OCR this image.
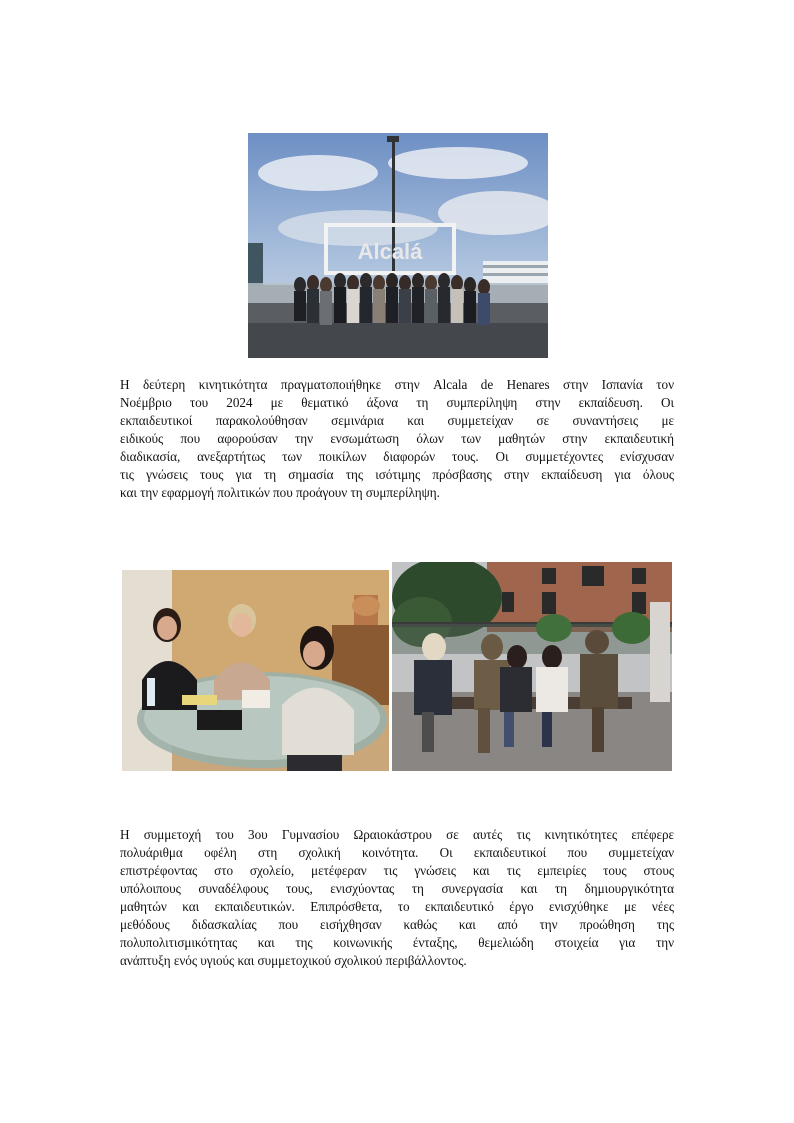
Alcalá
Η δεύτερη κινητικότητα πραγματοποιήθηκε στην Alcala de Henares στην Ισπανία τον
Νοέμβριο του 2024 με θεματικό άξονα τη συμπερίληψη στην εκπαίδευση. Οι
εκπαιδευτικοί παρακολούθησαν σεμινάρια και συμμετείχαν σε συναντήσεις με
ειδικούς που αφορούσαν την ενσωμάτωση όλων των μαθητών στην εκπαιδευτική
διαδικασία, ανεξαρτήτως των ποικίλων διαφορών τους. Οι συμμετέχοντες ενίσχυσαν
τις γνώσεις τους για τη σημασία της ισότιμης πρόσβασης στην εκπαίδευση για όλους
και την εφαρμογή πολιτικών που προάγουν τη συμπερίληψη.
Η συμμετοχή του 3ου Γυμνασίου Ωραιοκάστρου σε αυτές τις κινητικότητες επέφερε
πολυάριθμα οφέλη στη σχολική κοινότητα. Οι εκπαιδευτικοί που συμμετείχαν
επιστρέφοντας στο σχολείο, μετέφεραν τις γνώσεις και τις εμπειρίες τους στους
υπόλοιπους συναδέλφους τους, ενισχύοντας τη συνεργασία και τη δημιουργικότητα
μαθητών και εκπαιδευτικών. Επιπρόσθετα, το εκπαιδευτικό έργο ενισχύθηκε με νέες
μεθόδους διδασκαλίας που εισήχθησαν καθώς και από την προώθηση της
πολυπολιτισμικότητας και της κοινωνικής ένταξης, θεμελιώδη στοιχεία για την
ανάπτυξη ενός υγιούς και συμμετοχικού σχολικού περιβάλλοντος.
